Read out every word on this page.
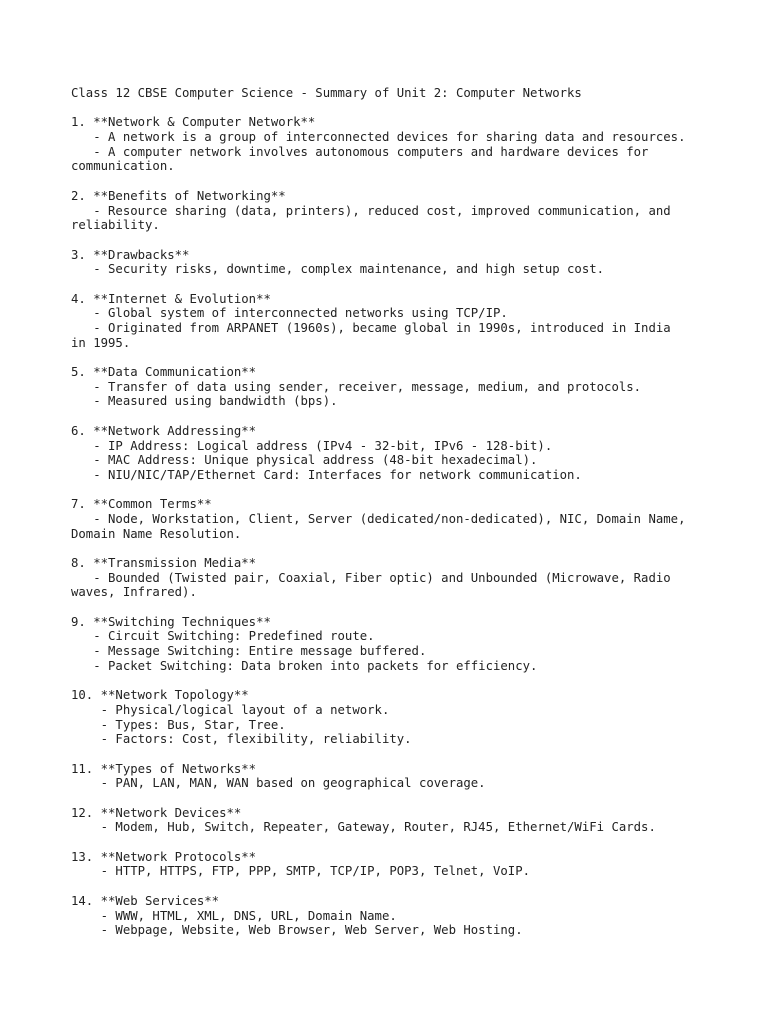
Class 12 CBSE Computer Science - Summary of Unit 2: Computer Networks
1. **Network & Computer Network**
- A network is a group of interconnected devices for sharing data and resources.
- A computer network involves autonomous computers and hardware devices for
communication.
2. **Benefits of Networking**
- Resource sharing (data, printers), reduced cost, improved communication, and
reliability.
3. **Drawbacks**
- Security risks, downtime, complex maintenance, and high setup cost.
4. **Internet & Evolution**
- Global system of interconnected networks using TCP/IP.
- Originated from ARPANET (1960s), became global in 1990s, introduced in India
in 1995.
5. **Data Communication**
- Transfer of data using sender, receiver, message, medium, and protocols.
- Measured using bandwidth (bps).
6. **Network Addressing**
- IP Address: Logical address (IPv4 - 32-bit, IPv6 - 128-bit).
- MAC Address: Unique physical address (48-bit hexadecimal).
- NIU/NIC/TAP/Ethernet Card: Interfaces for network communication.
7. **Common Terms**
- Node, Workstation, Client, Server (dedicated/non-dedicated), NIC, Domain Name,
Domain Name Resolution.
8. **Transmission Media**
- Bounded (Twisted pair, Coaxial, Fiber optic) and Unbounded (Microwave, Radio
waves, Infrared).
9. **Switching Techniques**
- Circuit Switching: Predefined route.
- Message Switching: Entire message buffered.
- Packet Switching: Data broken into packets for efficiency.
10. **Network Topology**
- Physical/logical layout of a network.
- Types: Bus, Star, Tree.
- Factors: Cost, flexibility, reliability.
11. **Types of Networks**
- PAN, LAN, MAN, WAN based on geographical coverage.
12. **Network Devices**
- Modem, Hub, Switch, Repeater, Gateway, Router, RJ45, Ethernet/WiFi Cards.
13. **Network Protocols**
- HTTP, HTTPS, FTP, PPP, SMTP, TCP/IP, POP3, Telnet, VoIP.
14. **Web Services**
- WWW, HTML, XML, DNS, URL, Domain Name.
- Webpage, Website, Web Browser, Web Server, Web Hosting.
